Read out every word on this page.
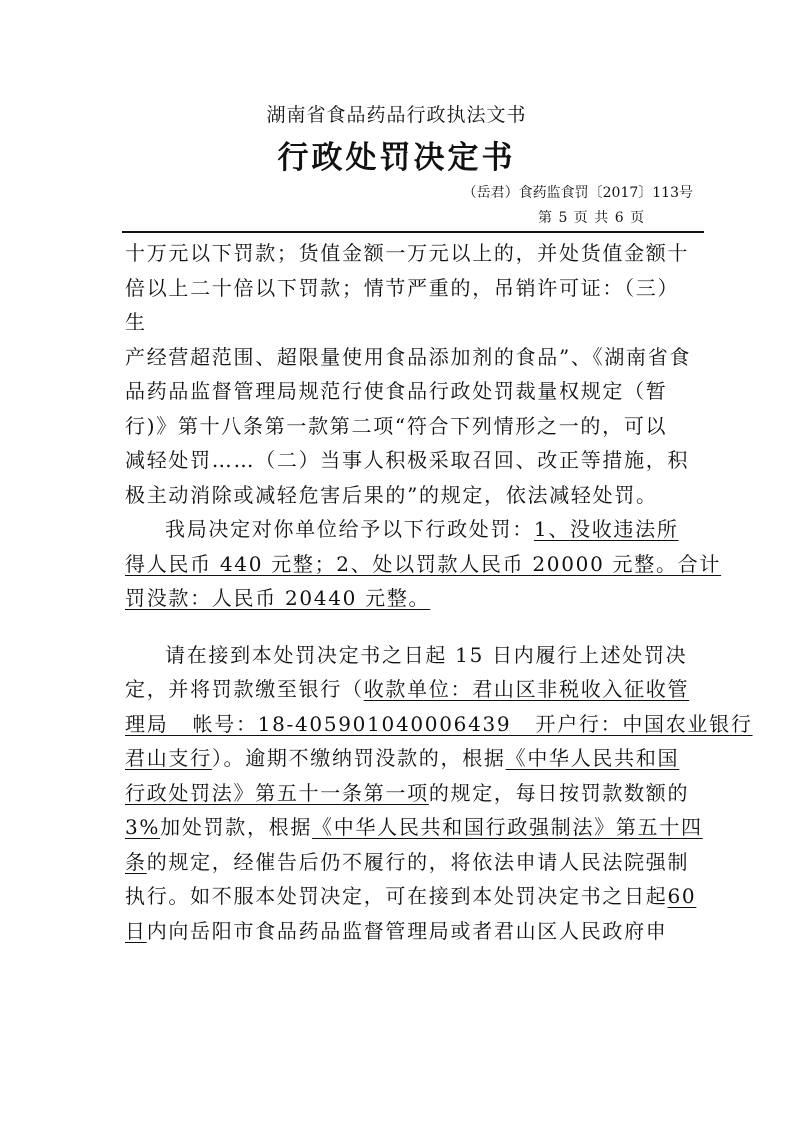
湖南省食品药品行政执法文书
行政处罚决定书
（岳君）食药监食罚〔2017〕113号
第 5 页 共 6 页

十万元以下罚款；货值金额一万元以上的，并处货值金额十
倍以上二十倍以下罚款；情节严重的，吊销许可证：（三）
生
产经营超范围、超限量使用食品添加剂的食品”、《湖南省食
品药品监督管理局规范行使食品行政处罚裁量权规定（暂
行)》第十八条第一款第二项“符合下列情形之一的，可以
减轻处罚……（二）当事人积极采取召回、改正等措施，积
极主动消除或减轻危害后果的”的规定，依法减轻处罚。

我局决定对你单位给予以下行政处罚：1、没收违法所
得人民币 440 元整；2、处以罚款人民币 20000 元整。合计
罚没款：人民币 20440 元整。

请在接到本处罚决定书之日起 15 日内履行上述处罚决
定，并将罚款缴至银行（收款单位：君山区非税收入征收管
理局   帐号：18-405901040006439   开户行：中国农业银行
君山支行）。逾期不缴纳罚没款的，根据《中华人民共和国
行政处罚法》第五十一条第一项的规定，每日按罚款数额的
3%加处罚款，根据《中华人民共和国行政强制法》第五十四
条的规定，经催告后仍不履行的，将依法申请人民法院强制
执行。如不服本处罚决定，可在接到本处罚决定书之日起60
日内向岳阳市食品药品监督管理局或者君山区人民政府申
